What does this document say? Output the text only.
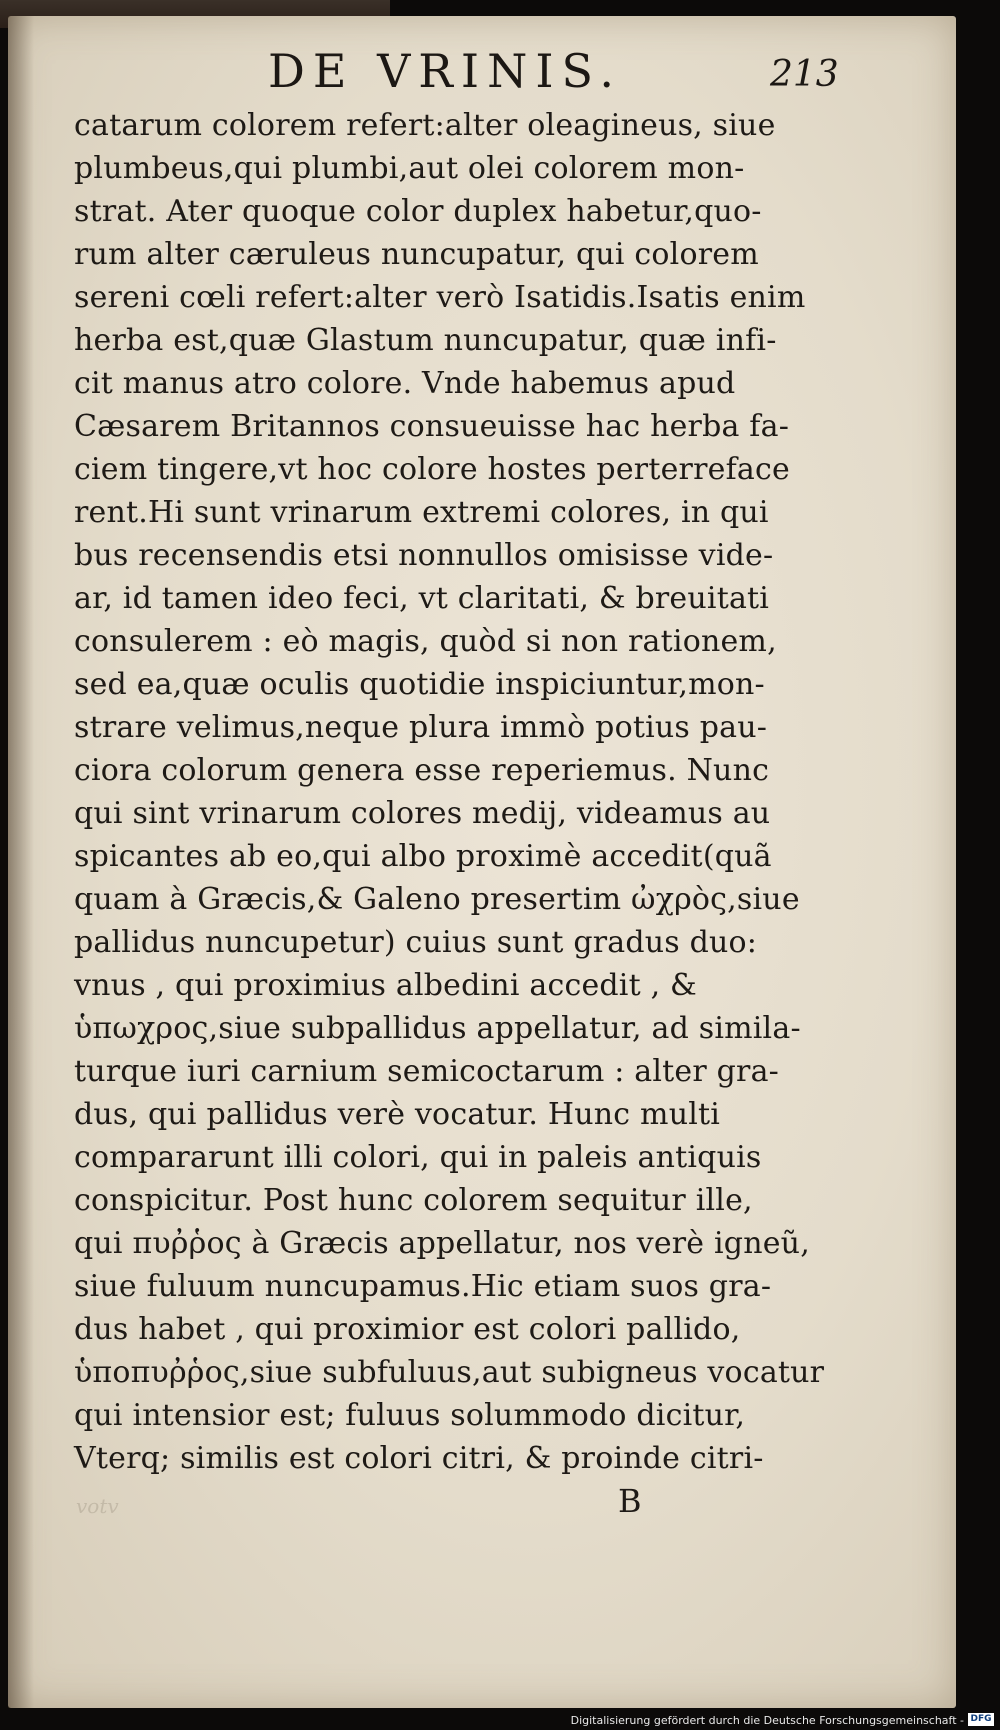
DE VRINIS.	213
catarum colorem refert:alter oleagineus, siue
plumbeus,qui plumbi,aut olei colorem mon-
strat. Ater quoque color duplex habetur,quo-
rum alter cæruleus nuncupatur, qui colorem
sereni cœli refert:alter verò Isatidis.Isatis enim
herba est,quæ Glastum nuncupatur, quæ infi-
cit manus atro colore. Vnde habemus apud
Cæsarem Britannos consueuisse hac herba fa-
ciem tingere,vt hoc colore hostes perterreface
rent.Hi sunt vrinarum extremi colores, in qui
bus recensendis etsi nonnullos omisisse vide-
ar, id tamen ideo feci, vt claritati, & breuitati
consulerem : eò magis, quòd si non rationem,
sed ea,quæ oculis quotidie inspiciuntur,mon-
strare velimus,neque plura immò potius pau-
ciora colorum genera esse reperiemus. Nunc
qui sint vrinarum colores medij, videamus au
spicantes ab eo,qui albo proximè accedit(quã
quam à Græcis,& Galeno presertim ὠχρὸς,siue
pallidus nuncupetur) cuius sunt gradus duo:
vnus , qui proximius albedini accedit , &
ὑπωχρος,siue subpallidus appellatur, ad simila-
turque iuri carnium semicoctarum : alter gra-
dus, qui pallidus verè vocatur. Hunc multi
compararunt illi colori, qui in paleis antiquis
conspicitur. Post hunc colorem sequitur ille,
qui πυῤῥος à Græcis appellatur, nos verè igneũ,
siue fuluum nuncupamus.Hic etiam suos gra-
dus habet , qui proximior est colori pallido,
ὑποπυῤῥος,siue subfuluus,aut subigneus vocatur
qui intensior est; fuluus solummodo dicitur,
Vterq; similis est colori citri, & proinde citri-
votv	B
Digitalisierung gefördert durch die Deutsche Forschungsgemeinschaft - DFG
